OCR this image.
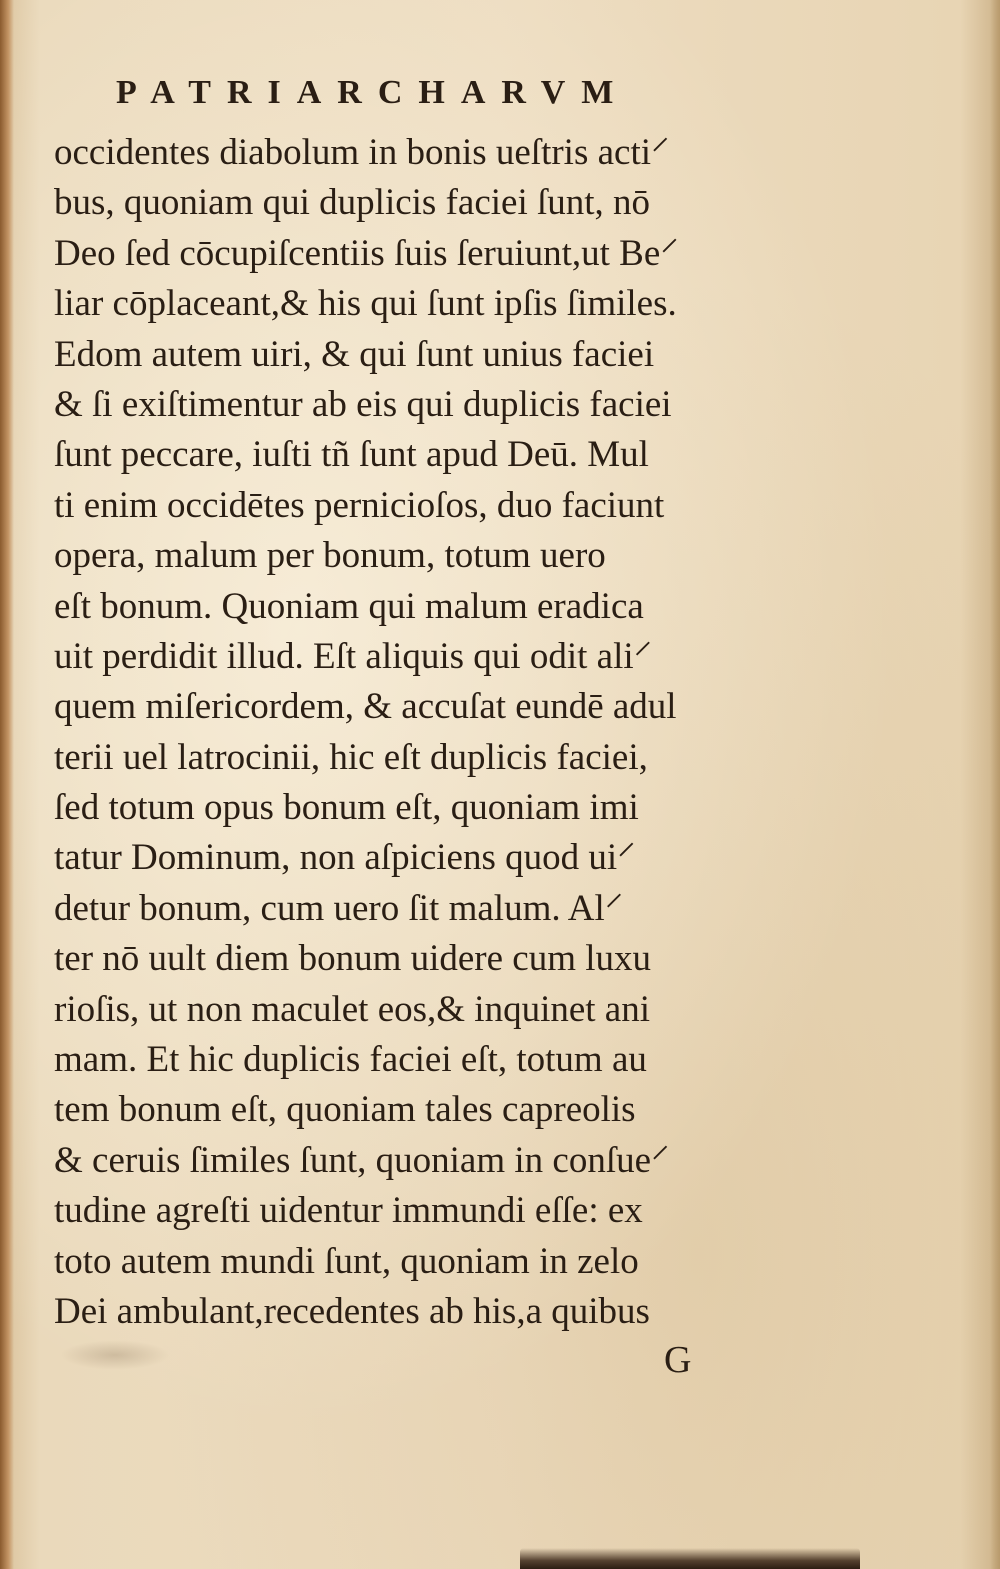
PATRIARCHARVM
occidentes diabolum in bonis ueſtris acti⸍
bus, quoniam qui duplicis faciei ſunt, nō
Deo ſed cōcupiſcentiis ſuis ſeruiunt,ut Be⸍
liar cōplaceant,& his qui ſunt ipſis ſimiles.
Edom autem uiri, & qui ſunt unius faciei
& ſi exiſtimentur ab eis qui duplicis faciei
ſunt peccare, iuſti tñ ſunt apud Deū. Mul
ti enim occidētes pernicioſos, duo faciunt
opera, malum per bonum, totum uero
eſt bonum. Quoniam qui malum eradica
uit perdidit illud. Eſt aliquis qui odit ali⸍
quem miſericordem, & accuſat eundē adul
terii uel latrocinii, hic eſt duplicis faciei,
ſed totum opus bonum eſt, quoniam imi
tatur Dominum, non aſpiciens quod ui⸍
detur bonum, cum uero ſit malum. Al⸍
ter nō uult diem bonum uidere cum luxu
rioſis, ut non maculet eos,& inquinet ani
mam. Et hic duplicis faciei eſt, totum au
tem bonum eſt, quoniam tales capreolis
& ceruis ſimiles ſunt, quoniam in conſue⸍
tudine agreſti uidentur immundi eſſe: ex
toto autem mundi ſunt, quoniam in zelo
Dei ambulant,recedentes ab his,a quibus
G
